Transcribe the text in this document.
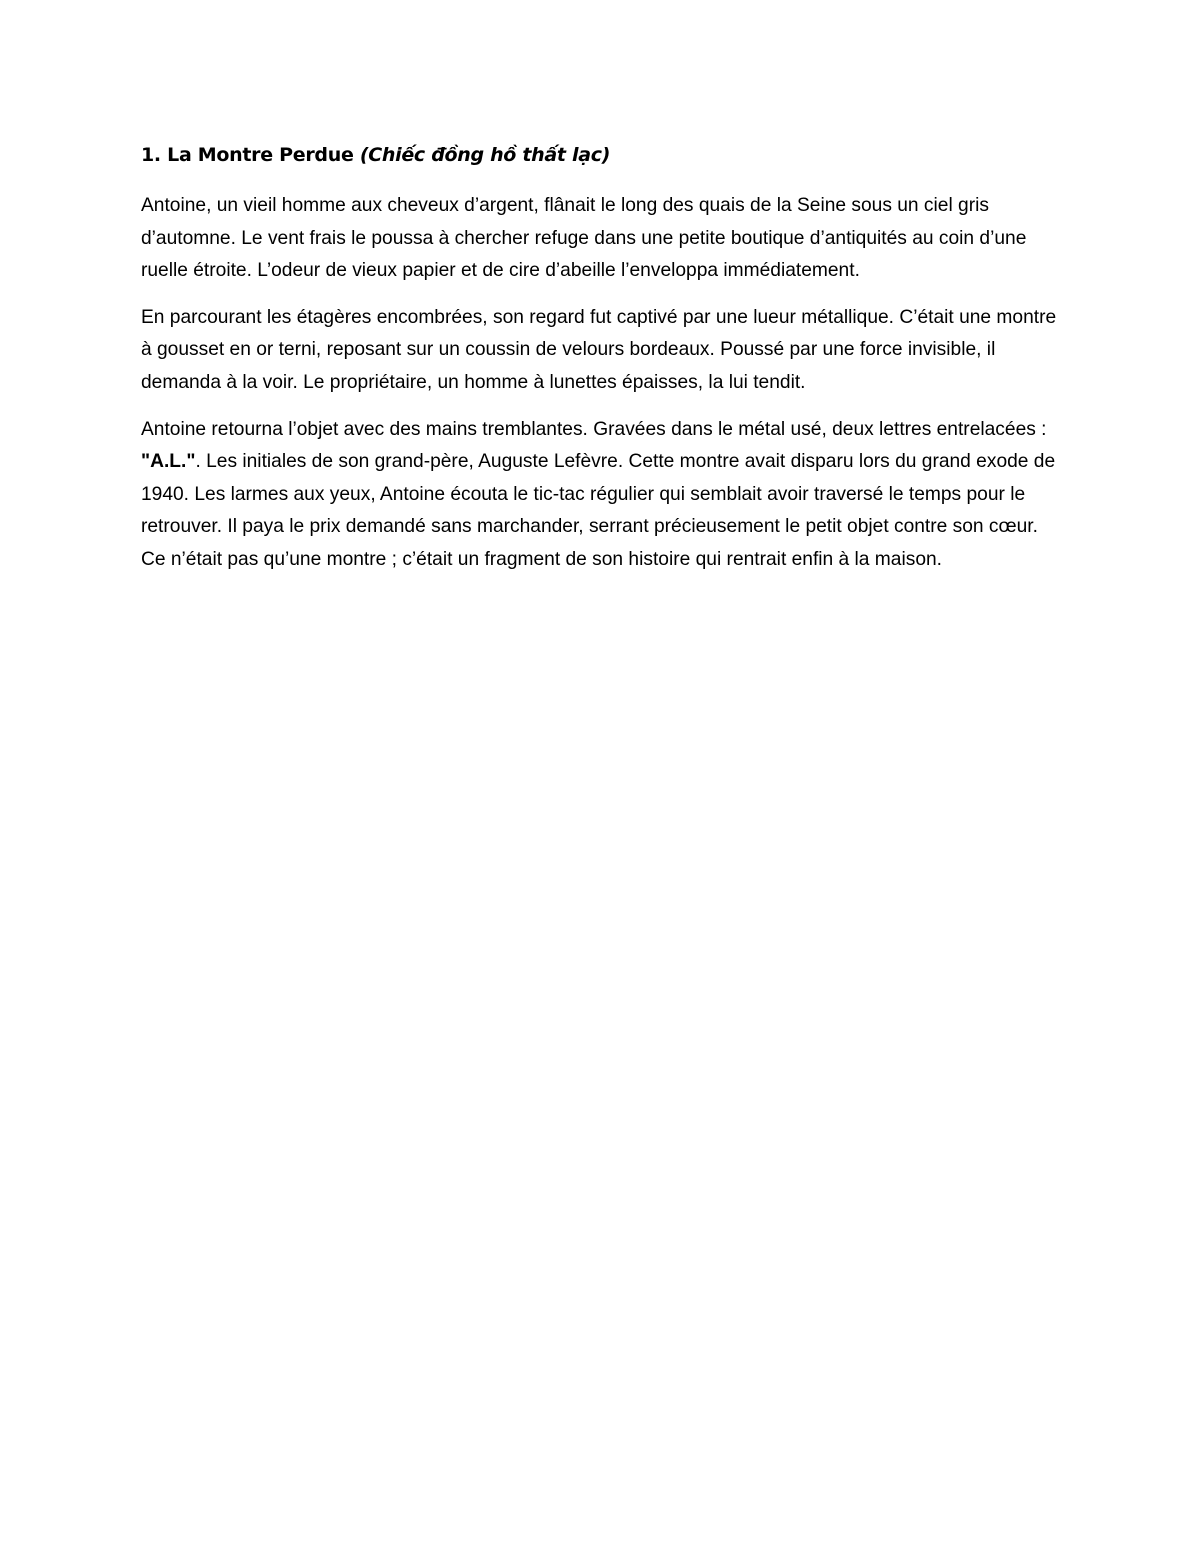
1. La Montre Perdue (Chiếc đồng hồ thất lạc)

Antoine, un vieil homme aux cheveux d’argent, flânait le long des quais de la Seine sous un ciel gris d’automne. Le vent frais le poussa à chercher refuge dans une petite boutique d’antiquités au coin d’une ruelle étroite. L’odeur de vieux papier et de cire d’abeille l’enveloppa immédiatement.

En parcourant les étagères encombrées, son regard fut captivé par une lueur métallique. C’était une montre à gousset en or terni, reposant sur un coussin de velours bordeaux. Poussé par une force invisible, il demanda à la voir. Le propriétaire, un homme à lunettes épaisses, la lui tendit.

Antoine retourna l’objet avec des mains tremblantes. Gravées dans le métal usé, deux lettres entrelacées : "A.L.". Les initiales de son grand-père, Auguste Lefèvre. Cette montre avait disparu lors du grand exode de 1940. Les larmes aux yeux, Antoine écouta le tic-tac régulier qui semblait avoir traversé le temps pour le retrouver. Il paya le prix demandé sans marchander, serrant précieusement le petit objet contre son cœur. Ce n’était pas qu’une montre ; c’était un fragment de son histoire qui rentrait enfin à la maison.
